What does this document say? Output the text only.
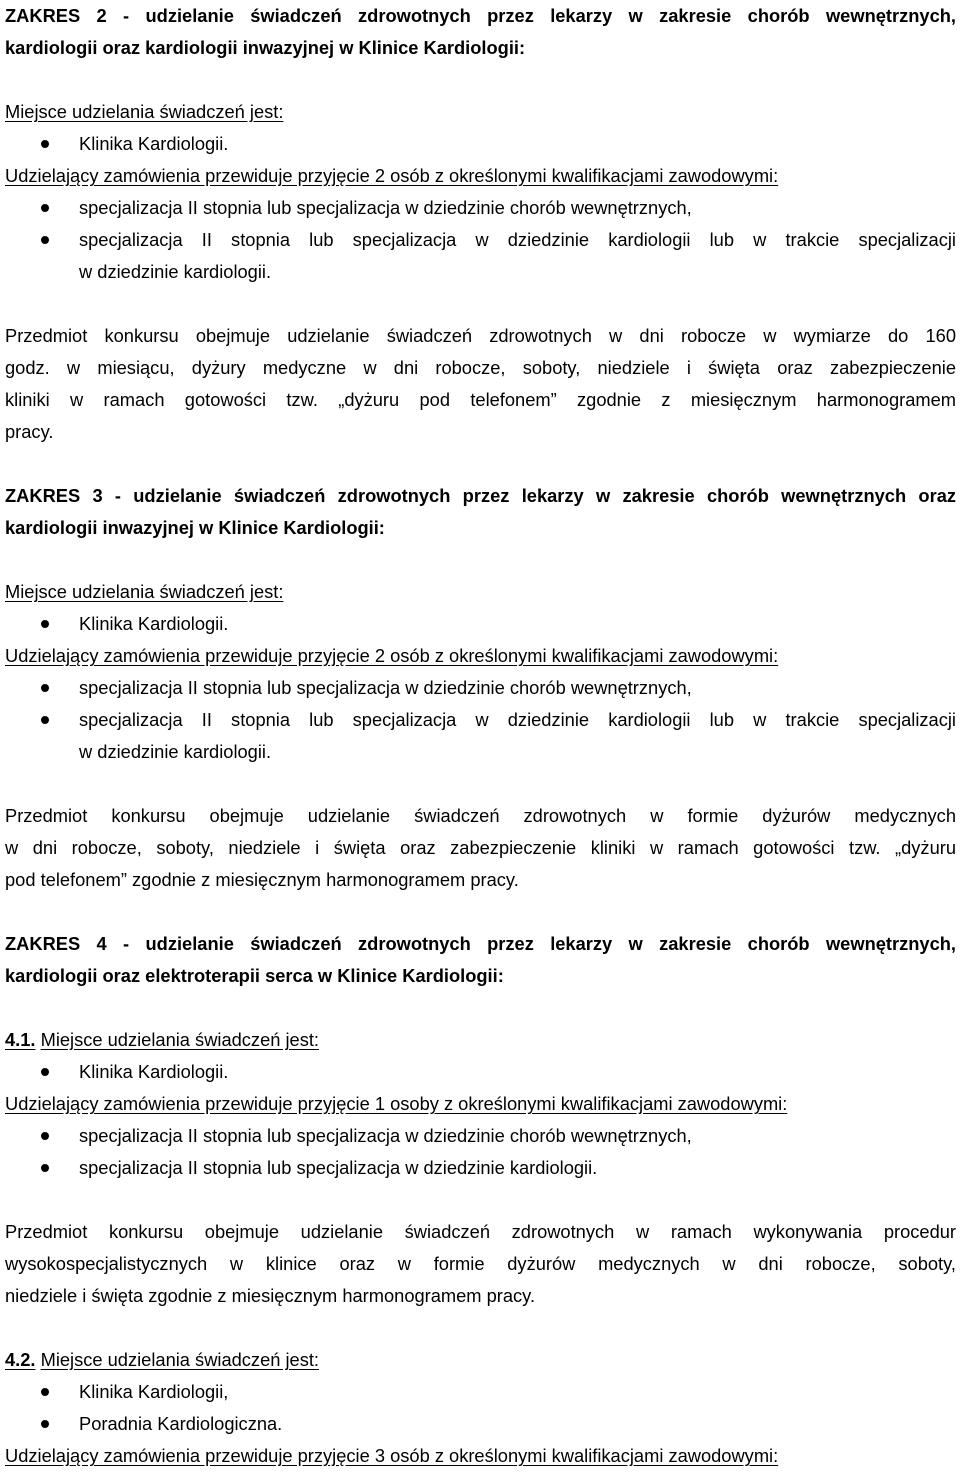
ZAKRES 2 - udzielanie świadczeń zdrowotnych przez lekarzy w zakresie chorób wewnętrznych,

kardiologii oraz kardiologii inwazyjnej w Klinice Kardiologii:

Miejsce udzielania świadczeń jest:

Klinika Kardiologii.

Udzielający zamówienia przewiduje przyjęcie 2 osób z określonymi kwalifikacjami zawodowymi:

specjalizacja II stopnia lub specjalizacja w dziedzinie chorób wewnętrznych,

specjalizacja II stopnia lub specjalizacja w dziedzinie kardiologii lub w trakcie specjalizacji

w dziedzinie kardiologii.

Przedmiot konkursu obejmuje udzielanie świadczeń zdrowotnych w dni robocze w wymiarze do 160

godz. w miesiącu, dyżury medyczne w dni robocze, soboty, niedziele i święta oraz zabezpieczenie

kliniki w ramach gotowości tzw. „dyżuru pod telefonem” zgodnie z miesięcznym harmonogramem

pracy.

ZAKRES 3 - udzielanie świadczeń zdrowotnych przez lekarzy w zakresie chorób wewnętrznych oraz

kardiologii inwazyjnej w Klinice Kardiologii:

Miejsce udzielania świadczeń jest:

Klinika Kardiologii.

Udzielający zamówienia przewiduje przyjęcie 2 osób z określonymi kwalifikacjami zawodowymi:

specjalizacja II stopnia lub specjalizacja w dziedzinie chorób wewnętrznych,

specjalizacja II stopnia lub specjalizacja w dziedzinie kardiologii lub w trakcie specjalizacji

w dziedzinie kardiologii.

Przedmiot konkursu obejmuje udzielanie świadczeń zdrowotnych w formie dyżurów medycznych

w dni robocze, soboty, niedziele i święta oraz zabezpieczenie kliniki w ramach gotowości tzw. „dyżuru

pod telefonem” zgodnie z miesięcznym harmonogramem pracy.

ZAKRES 4 - udzielanie świadczeń zdrowotnych przez lekarzy w zakresie chorób wewnętrznych,

kardiologii oraz elektroterapii serca w Klinice Kardiologii:

4.1. Miejsce udzielania świadczeń jest:

Klinika Kardiologii.

Udzielający zamówienia przewiduje przyjęcie 1 osoby z określonymi kwalifikacjami zawodowymi:

specjalizacja II stopnia lub specjalizacja w dziedzinie chorób wewnętrznych,

specjalizacja II stopnia lub specjalizacja w dziedzinie kardiologii.

Przedmiot konkursu obejmuje udzielanie świadczeń zdrowotnych w ramach wykonywania procedur

wysokospecjalistycznych w klinice oraz w formie dyżurów medycznych w dni robocze, soboty,

niedziele i święta zgodnie z miesięcznym harmonogramem pracy.

4.2. Miejsce udzielania świadczeń jest:

Klinika Kardiologii,

Poradnia Kardiologiczna.

Udzielający zamówienia przewiduje przyjęcie 3 osób z określonymi kwalifikacjami zawodowymi:
